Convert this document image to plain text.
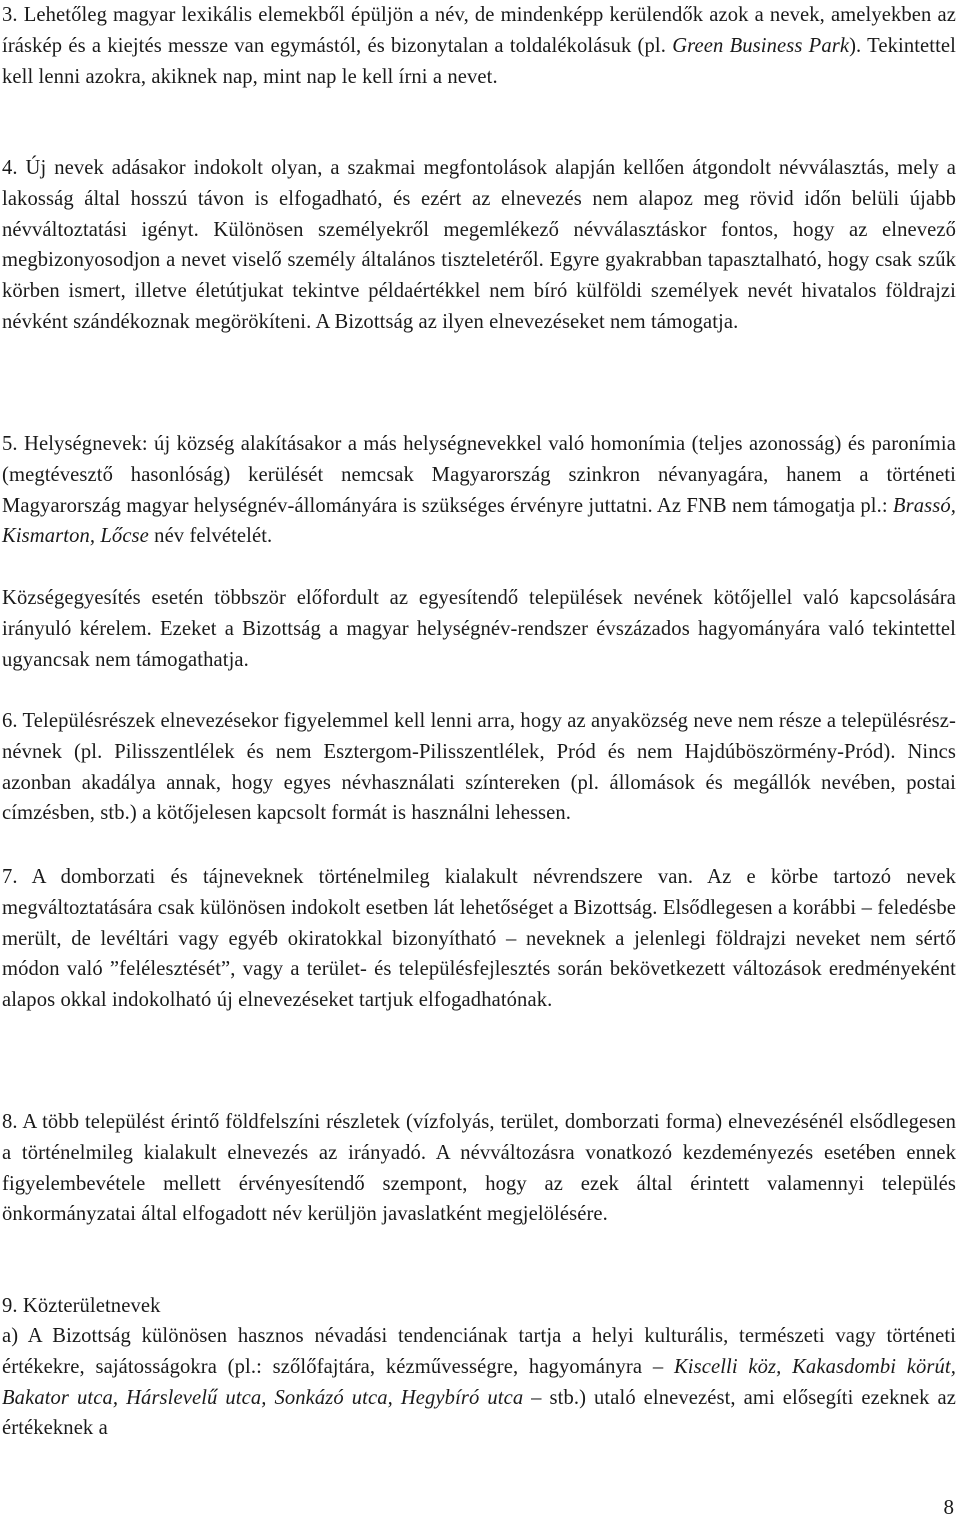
3. Lehetőleg magyar lexikális elemekből épüljön a név, de mindenképp kerülendők azok a nevek, amelyekben az íráskép és a kiejtés messze van egymástól, és bizonytalan a toldalékolásuk (pl. Green Business Park). Tekintettel kell lenni azokra, akiknek nap, mint nap le kell írni a nevet.

4. Új nevek adásakor indokolt olyan, a szakmai megfontolások alapján kellően átgondolt névválasztás, mely a lakosság által hosszú távon is elfogadható, és ezért az elnevezés nem alapoz meg rövid időn belüli újabb névváltoztatási igényt. Különösen személyekről megemlékező névválasztáskor fontos, hogy az elnevező megbizonyosodjon a nevet viselő személy általános tiszteletéről. Egyre gyakrabban tapasztalható, hogy csak szűk körben ismert, illetve életútjukat tekintve példaértékkel nem bíró külföldi személyek nevét hivatalos földrajzi névként szándékoznak megörökíteni. A Bizottság az ilyen elnevezéseket nem támogatja.

5. Helységnevek: új község alakításakor a más helységnevekkel való homonímia (teljes azonosság) és paronímia (megtévesztő hasonlóság) kerülését nemcsak Magyarország szinkron névanyagára, hanem a történeti Magyarország magyar helységnév-állományára is szükséges érvényre juttatni. Az FNB nem támogatja pl.: Brassó, Kismarton, Lőcse név felvételét.

Községegyesítés esetén többször előfordult az egyesítendő települések nevének kötőjellel való kapcsolására irányuló kérelem. Ezeket a Bizottság a magyar helységnév-rendszer évszázados hagyományára való tekintettel ugyancsak nem támogathatja.

6. Településrészek elnevezésekor figyelemmel kell lenni arra, hogy az anyaközség neve nem része a településrész-névnek (pl. Pilisszentlélek és nem Esztergom-Pilisszentlélek, Pród és nem Hajdúböszörmény-Pród). Nincs azonban akadálya annak, hogy egyes névhasználati színtereken (pl. állomások és megállók nevében, postai címzésben, stb.) a kötőjelesen kapcsolt formát is használni lehessen.

7. A domborzati és tájneveknek történelmileg kialakult névrendszere van. Az e körbe tartozó nevek megváltoztatására csak különösen indokolt esetben lát lehetőséget a Bizottság. Elsődlegesen a korábbi – feledésbe merült, de levéltári vagy egyéb okiratokkal bizonyítható – neveknek a jelenlegi földrajzi neveket nem sértő módon való ”felélesztését”, vagy a terület- és településfejlesztés során bekövetkezett változások eredményeként alapos okkal indokolható új elnevezéseket tartjuk elfogadhatónak.

8. A több települést érintő földfelszíni részletek (vízfolyás, terület, domborzati forma) elnevezésénél elsődlegesen a történelmileg kialakult elnevezés az irányadó. A névváltozásra vonatkozó kezdeményezés esetében ennek figyelembevétele mellett érvényesítendő szempont, hogy az ezek által érintett valamennyi település önkormányzatai által elfogadott név kerüljön javaslatként megjelölésére.

9. Közterületnevek

a) A Bizottság különösen hasznos névadási tendenciának tartja a helyi kulturális, természeti vagy történeti értékekre, sajátosságokra (pl.: szőlőfajtára, kézművességre, hagyományra – Kiscelli köz, Kakasdombi körút, Bakator utca, Hárslevelű utca, Sonkázó utca, Hegybíró utca – stb.) utaló elnevezést, ami elősegíti ezeknek az értékeknek a

8
